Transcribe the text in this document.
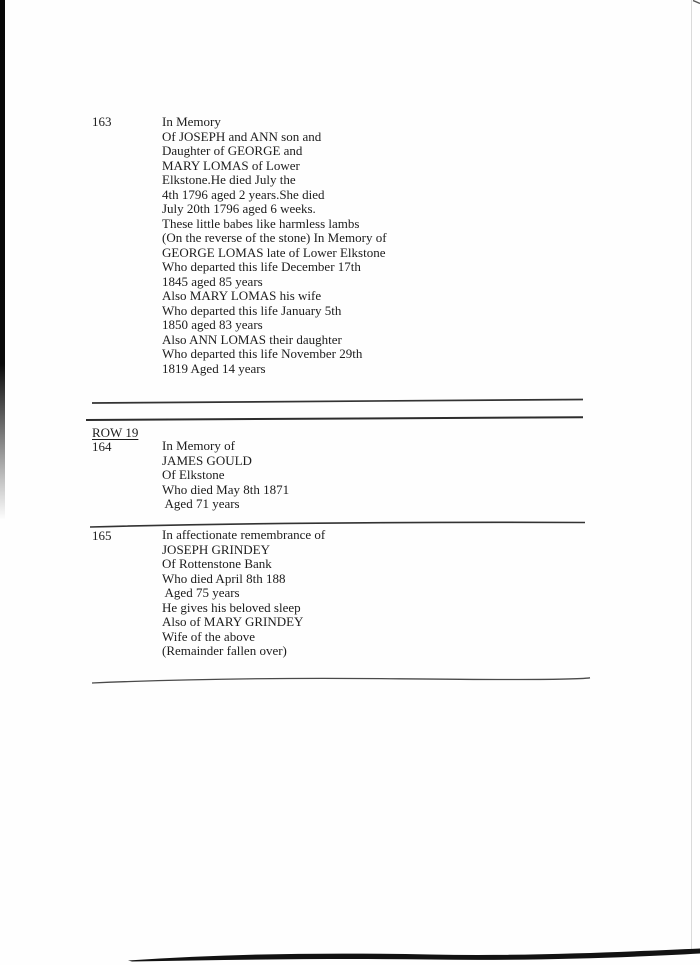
163	In Memory
Of JOSEPH and ANN son and
Daughter of GEORGE and
MARY LOMAS of Lower
Elkstone.He died July the
4th 1796 aged 2 years.She died
July 20th 1796 aged 6 weeks.
These little babes like harmless lambs
(On the reverse of the stone) In Memory of
GEORGE LOMAS late of Lower Elkstone
Who departed this life December 17th
1845 aged 85 years
Also MARY LOMAS his wife
Who departed this life January 5th
1850 aged 83 years
Also ANN LOMAS their daughter
Who departed this life November 29th
1819 Aged 14 years
ROW 19
164	In Memory of
JAMES GOULD
Of Elkstone
Who died May 8th 1871
Aged 71 years
165	In affectionate remembrance of
JOSEPH GRINDEY
Of Rottenstone Bank
Who died April 8th 188
Aged 75 years
He gives his beloved sleep
Also of MARY GRINDEY
Wife of the above
(Remainder fallen over)
